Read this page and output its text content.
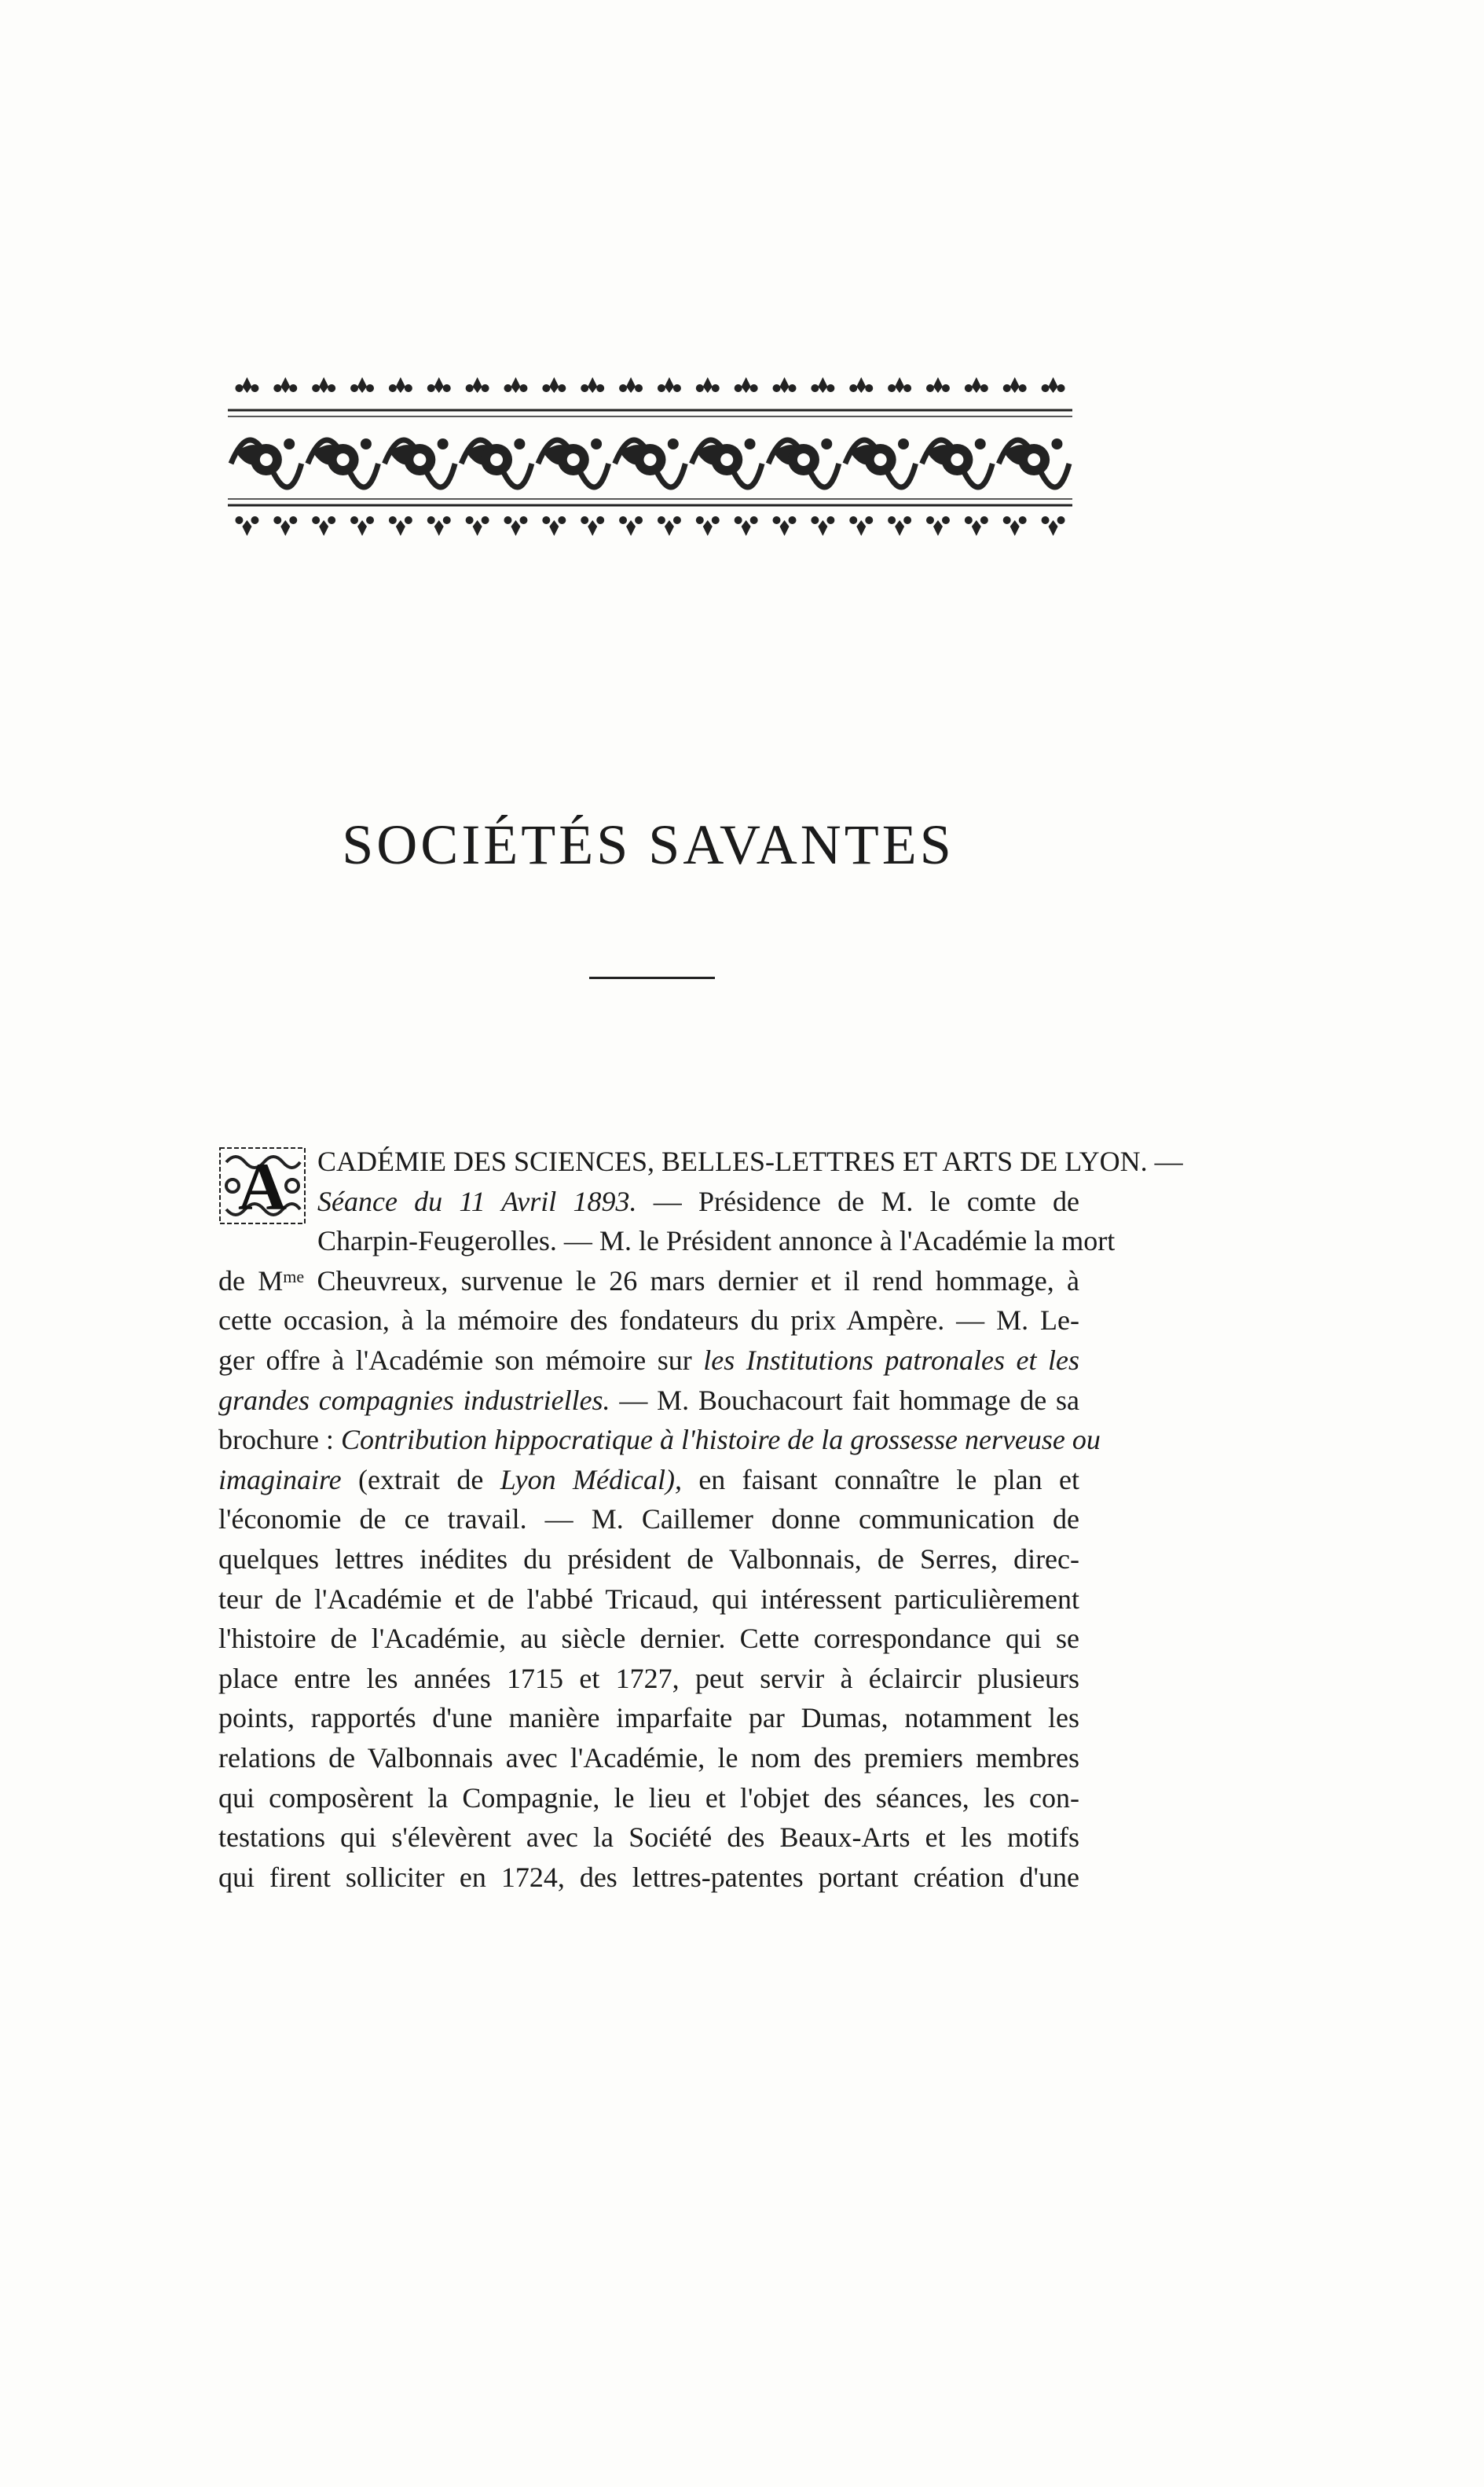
SOCIÉTÉS SAVANTES
A	CADÉMIE DES SCIENCES, BELLES-LETTRES ET ARTS DE LYON. —
Séance du 11 Avril 1893. — Présidence de M. le comte de
Charpin-Feugerolles. — M. le Président annonce à l'Académie la mort
de $M^{me}$ Cheuvreux, survenue le 26 mars dernier et il rend hommage, à
cette occasion, à la mémoire des fondateurs du prix Ampère. — M. Le-
ger offre à l'Académie son mémoire sur les Institutions patronales et les
grandes compagnies industrielles. — M. Bouchacourt fait hommage de sa
brochure : Contribution hippocratique à l'histoire de la grossesse nerveuse ou
imaginaire (extrait de Lyon Médical), en faisant connaître le plan et
l'économie de ce travail. — M. Caillemer donne communication de
quelques lettres inédites du président de Valbonnais, de Serres, direc-
teur de l'Académie et de l'abbé Tricaud, qui intéressent particulièrement
l'histoire de l'Académie, au siècle dernier. Cette correspondance qui se
place entre les années 1715 et 1727, peut servir à éclaircir plusieurs
points, rapportés d'une manière imparfaite par Dumas, notamment les
relations de Valbonnais avec l'Académie, le nom des premiers membres
qui composèrent la Compagnie, le lieu et l'objet des séances, les con-
testations qui s'élevèrent avec la Société des Beaux-Arts et les motifs
qui firent solliciter en 1724, des lettres-patentes portant création d'une
